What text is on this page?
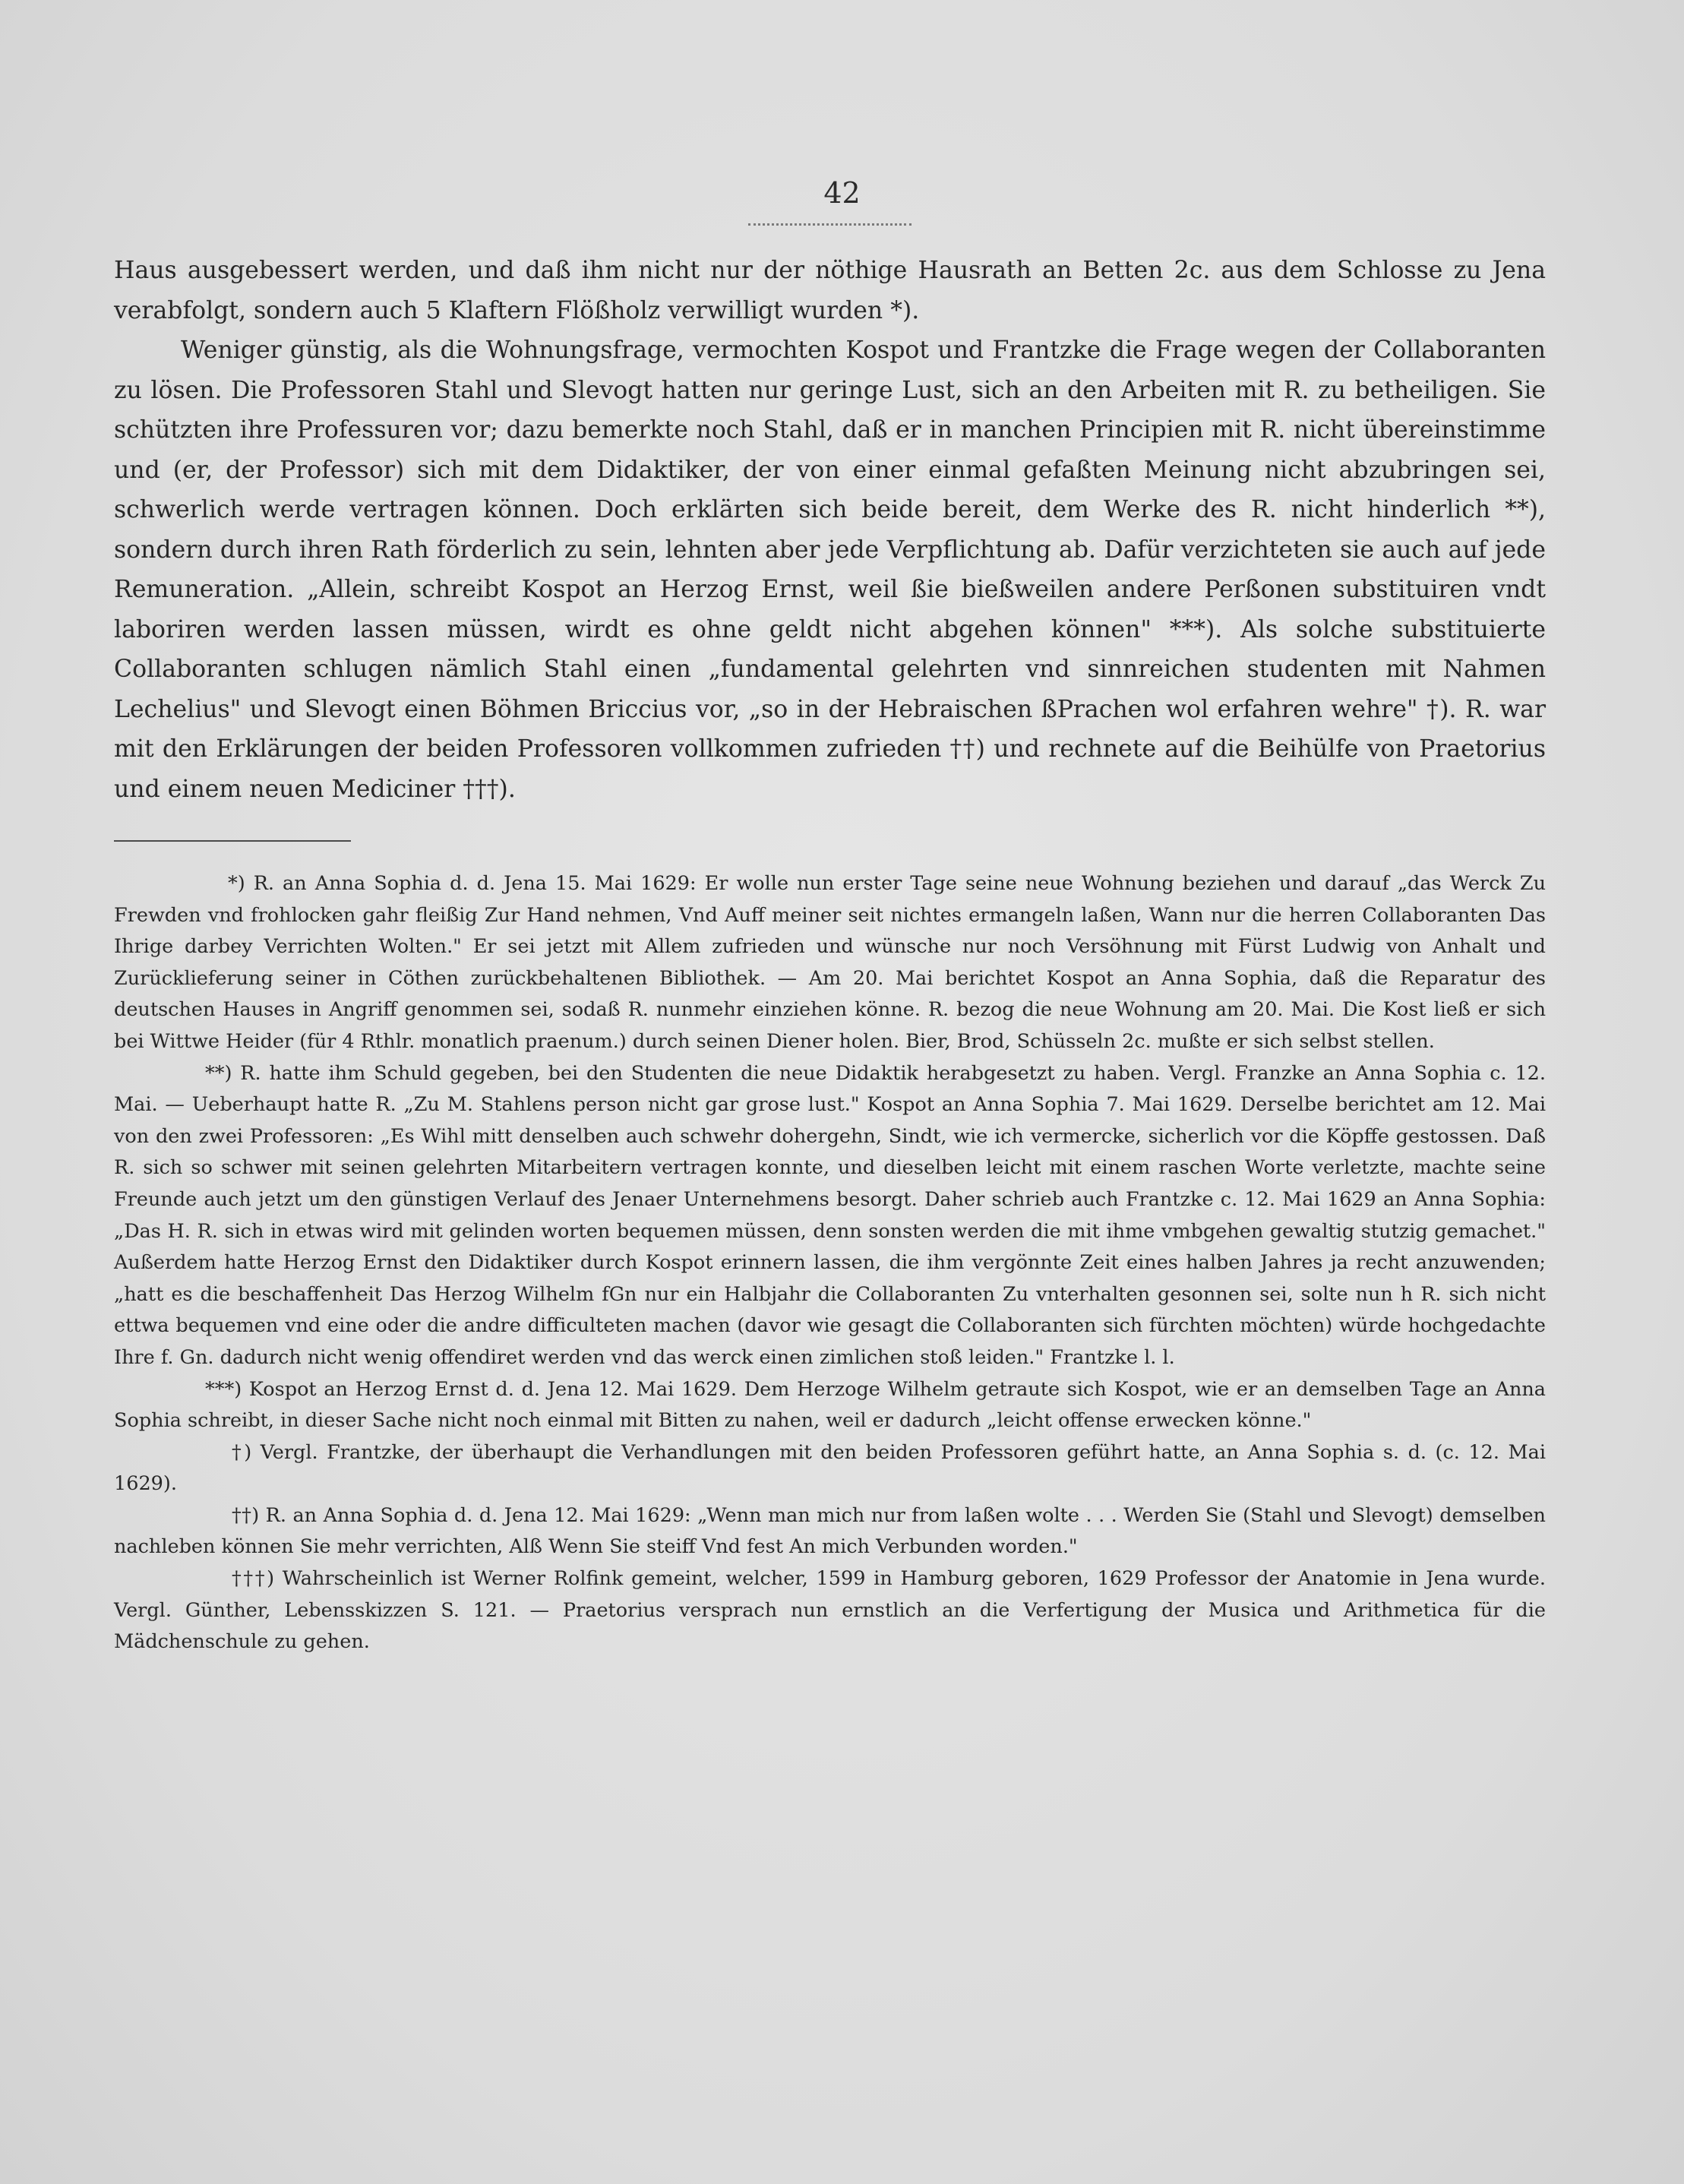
42

Haus ausgebessert werden, und daß ihm nicht nur der nöthige Hausrath an Betten 2c. aus dem Schlosse zu Jena verabfolgt, sondern auch 5 Klaftern Flößholz verwilligt wurden *).

Weniger günstig, als die Wohnungsfrage, vermochten Kospot und Frantzke die Frage wegen der Collaboranten zu lösen. Die Professoren Stahl und Slevogt hatten nur geringe Lust, sich an den Arbeiten mit R. zu betheiligen. Sie schützten ihre Professuren vor; dazu bemerkte noch Stahl, daß er in manchen Principien mit R. nicht übereinstimme und (er, der Professor) sich mit dem Didaktiker, der von einer einmal gefaßten Meinung nicht abzubringen sei, schwerlich werde vertragen können. Doch erklärten sich beide bereit, dem Werke des R. nicht hinderlich **), sondern durch ihren Rath förderlich zu sein, lehnten aber jede Verpflichtung ab. Dafür verzichteten sie auch auf jede Remuneration. „Allein, schreibt Kospot an Herzog Ernst, weil ßie bießweilen andere Perßonen substituiren vndt laboriren werden lassen müssen, wirdt es ohne geldt nicht abgehen können" ***). Als solche substituierte Collaboranten schlugen nämlich Stahl einen „fundamental gelehrten vnd sinnreichen studenten mit Nahmen Lechelius" und Slevogt einen Böhmen Briccius vor, „so in der Hebraischen ßPrachen wol erfahren wehre" †). R. war mit den Erklärungen der beiden Professoren vollkommen zufrieden ††) und rechnete auf die Beihülfe von Praetorius und einem neuen Mediciner †††).

*) R. an Anna Sophia d. d. Jena 15. Mai 1629: Er wolle nun erster Tage seine neue Wohnung beziehen und darauf „das Werck Zu Frewden vnd frohlocken gahr fleißig Zur Hand nehmen, Vnd Auff meiner seit nichtes ermangeln laßen, Wann nur die herren Collaboranten Das Ihrige darbey Verrichten Wolten." Er sei jetzt mit Allem zufrieden und wünsche nur noch Versöhnung mit Fürst Ludwig von Anhalt und Zurücklieferung seiner in Cöthen zurückbehaltenen Bibliothek. — Am 20. Mai berichtet Kospot an Anna Sophia, daß die Reparatur des deutschen Hauses in Angriff genommen sei, sodaß R. nunmehr einziehen könne. R. bezog die neue Wohnung am 20. Mai. Die Kost ließ er sich bei Wittwe Heider (für 4 Rthlr. monatlich praenum.) durch seinen Diener holen. Bier, Brod, Schüsseln 2c. mußte er sich selbst stellen.

**) R. hatte ihm Schuld gegeben, bei den Studenten die neue Didaktik herabgesetzt zu haben. Vergl. Franzke an Anna Sophia c. 12. Mai. — Ueberhaupt hatte R. „Zu M. Stahlens person nicht gar grose lust." Kospot an Anna Sophia 7. Mai 1629. Derselbe berichtet am 12. Mai von den zwei Professoren: „Es Wihl mitt denselben auch schwehr dohergehn, Sindt, wie ich vermercke, sicherlich vor die Köpffe gestossen. Daß R. sich so schwer mit seinen gelehrten Mitarbeitern vertragen konnte, und dieselben leicht mit einem raschen Worte verletzte, machte seine Freunde auch jetzt um den günstigen Verlauf des Jenaer Unternehmens besorgt. Daher schrieb auch Frantzke c. 12. Mai 1629 an Anna Sophia: „Das H. R. sich in etwas wird mit gelinden worten bequemen müssen, denn sonsten werden die mit ihme vmbgehen gewaltig stutzig gemachet." Außerdem hatte Herzog Ernst den Didaktiker durch Kospot erinnern lassen, die ihm vergönnte Zeit eines halben Jahres ja recht anzuwenden; „hatt es die beschaffenheit Das Herzog Wilhelm fGn nur ein Halbjahr die Collaboranten Zu vnterhalten gesonnen sei, solte nun h R. sich nicht ettwa bequemen vnd eine oder die andre difficulteten machen (davor wie gesagt die Collaboranten sich fürchten möchten) würde hochgedachte Ihre f. Gn. dadurch nicht wenig offendiret werden vnd das werck einen zimlichen stoß leiden." Frantzke l. l.

***) Kospot an Herzog Ernst d. d. Jena 12. Mai 1629. Dem Herzoge Wilhelm getraute sich Kospot, wie er an demselben Tage an Anna Sophia schreibt, in dieser Sache nicht noch einmal mit Bitten zu nahen, weil er dadurch „leicht offense erwecken könne."

†) Vergl. Frantzke, der überhaupt die Verhandlungen mit den beiden Professoren geführt hatte, an Anna Sophia s. d. (c. 12. Mai 1629).

††) R. an Anna Sophia d. d. Jena 12. Mai 1629: „Wenn man mich nur from laßen wolte . . . Werden Sie (Stahl und Slevogt) demselben nachleben können Sie mehr verrichten, Alß Wenn Sie steiff Vnd fest An mich Verbunden worden."

†††) Wahrscheinlich ist Werner Rolfink gemeint, welcher, 1599 in Hamburg geboren, 1629 Professor der Anatomie in Jena wurde. Vergl. Günther, Lebensskizzen S. 121. — Praetorius versprach nun ernstlich an die Verfertigung der Musica und Arithmetica für die Mädchenschule zu gehen.
